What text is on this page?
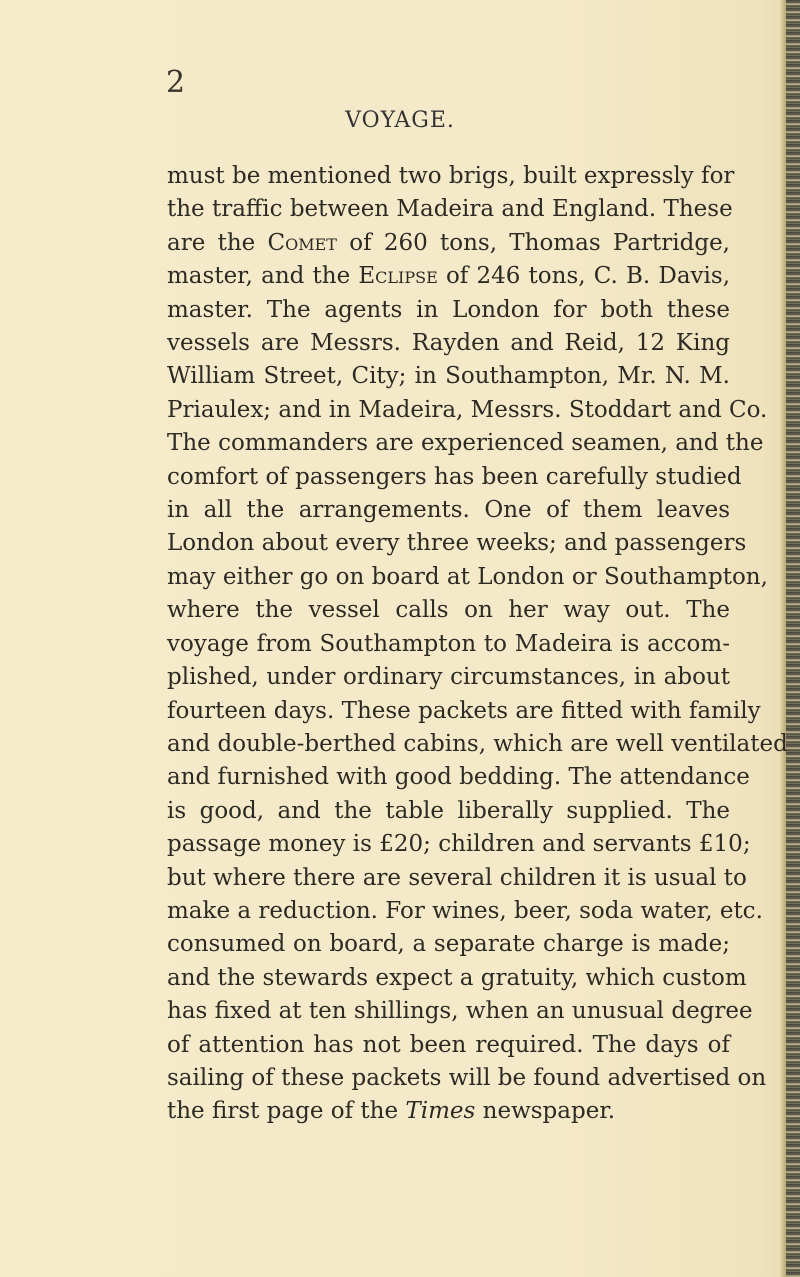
2
VOYAGE.
must be mentioned two brigs, built expressly for
the traffic between Madeira and England. These
are the Comet of 260 tons, Thomas Partridge,
master, and the Eclipse of 246 tons, C. B. Davis,
master. The agents in London for both these
vessels are Messrs. Rayden and Reid, 12 King
William Street, City; in Southampton, Mr. N. M.
Priaulex; and in Madeira, Messrs. Stoddart and Co.
The commanders are experienced seamen, and the
comfort of passengers has been carefully studied
in all the arrangements. One of them leaves
London about every three weeks; and passengers
may either go on board at London or Southampton,
where the vessel calls on her way out. The
voyage from Southampton to Madeira is accom-
plished, under ordinary circumstances, in about
fourteen days. These packets are fitted with family
and double-berthed cabins, which are well ventilated
and furnished with good bedding. The attendance
is good, and the table liberally supplied. The
passage money is £20; children and servants £10;
but where there are several children it is usual to
make a reduction. For wines, beer, soda water, etc.
consumed on board, a separate charge is made;
and the stewards expect a gratuity, which custom
has fixed at ten shillings, when an unusual degree
of attention has not been required. The days of
sailing of these packets will be found advertised on
the first page of the Times newspaper.
